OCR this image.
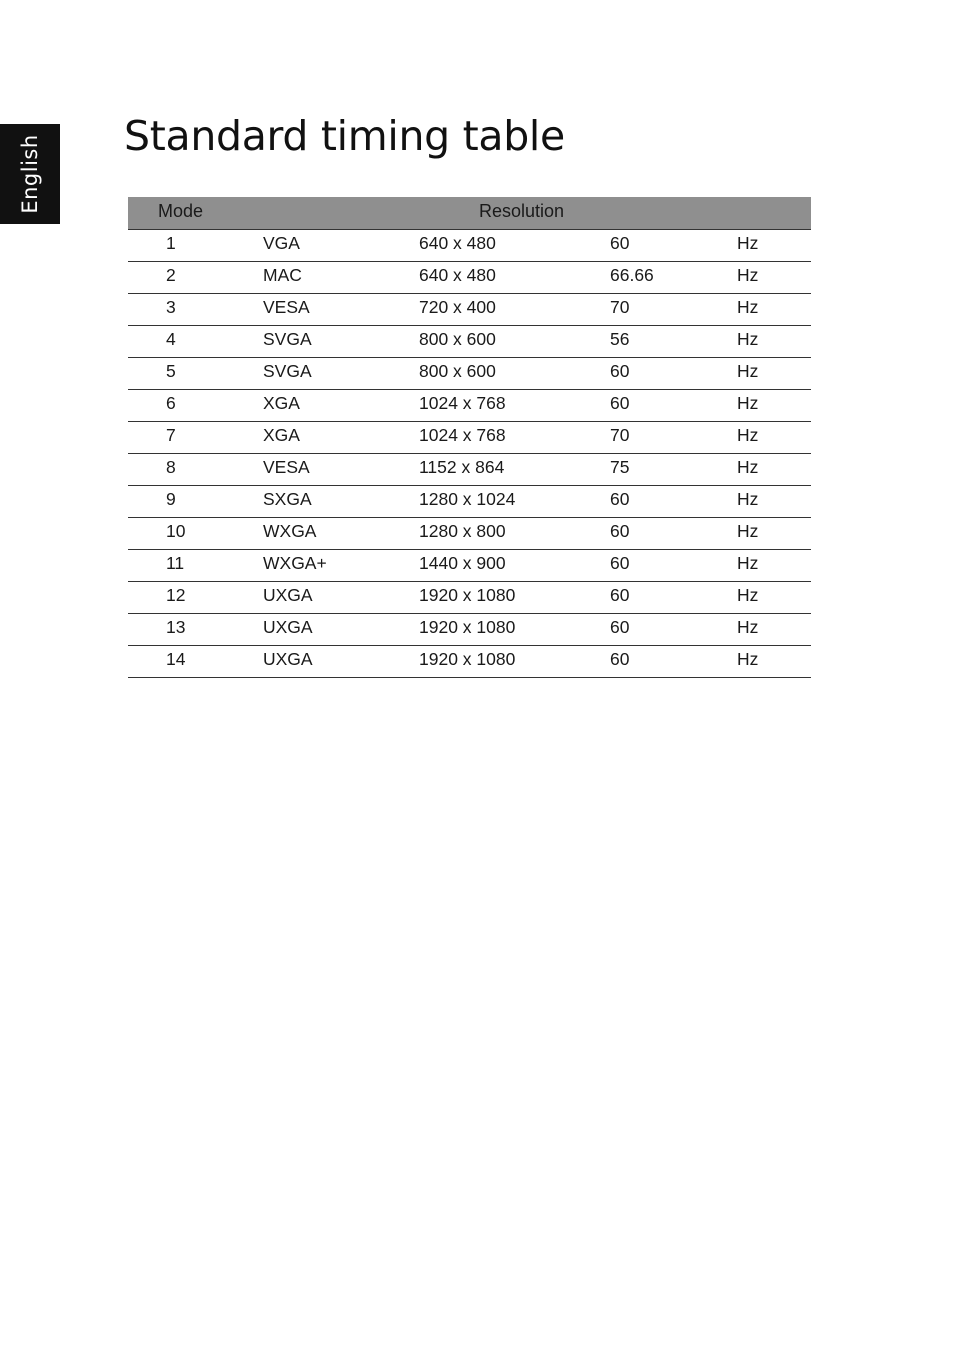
English Standard timing table
Mode	Resolution
1	VGA	640 x 480	60	Hz
2	MAC	640 x 480	66.66	Hz
3	VESA	720 x 400	70	Hz
4	SVGA	800 x 600	56	Hz
5	SVGA	800 x 600	60	Hz
6	XGA	1024 x 768	60	Hz
7	XGA	1024 x 768	70	Hz
8	VESA	1152 x 864	75	Hz
9	SXGA	1280 x 1024	60	Hz
10	WXGA	1280 x 800	60	Hz
11	WXGA+	1440 x 900	60	Hz
12	UXGA	1920 x 1080	60	Hz
13	UXGA	1920 x 1080	60	Hz
14	UXGA	1920 x 1080	60	Hz
